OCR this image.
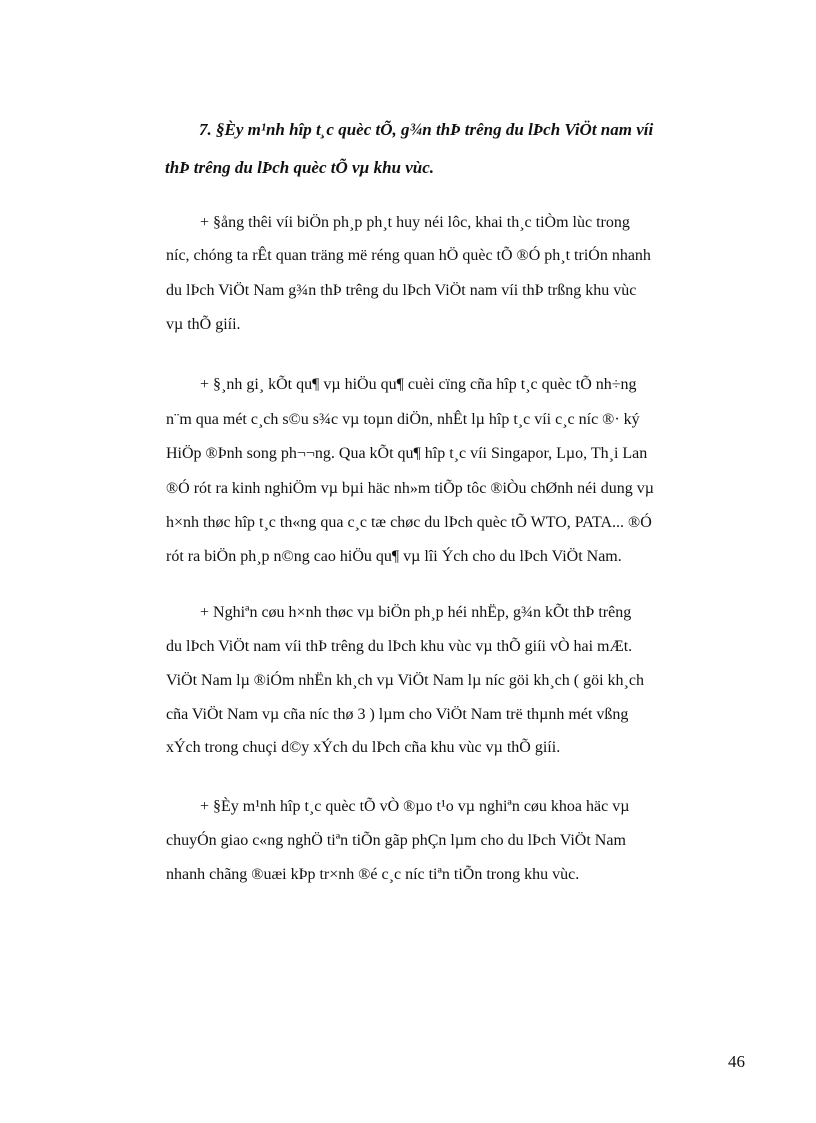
7. §Èy m¹nh hîp t¸c quèc tÕ, g¾n thÞ trêng du lÞch ViÖt nam víi

thÞ trêng du lÞch quèc tÕ vµ khu vùc.

+ §ång thêi víi biÖn ph¸p ph¸t huy néi lôc, khai th¸c tiÒm lùc trong

níc, chóng ta rÊt quan träng më réng quan hÖ quèc tÕ ®Ó ph¸t triÓn nhanh

du lÞch ViÖt Nam g¾n thÞ trêng du lÞch ViÖt nam víi thÞ trßng khu vùc

vµ thÕ giíi.

+ §¸nh gi¸ kÕt qu¶ vµ hiÖu qu¶ cuèi cïng cña hîp t¸c quèc tÕ nh÷ng

n¨m qua mét c¸ch s©u s¾c vµ toµn diÖn, nhÊt lµ hîp t¸c víi c¸c níc ®· ký

HiÖp ®Þnh song ph¬¬ng. Qua kÕt qu¶ hîp t¸c víi Singapor, Lµo, Th¸i Lan

®Ó rót ra kinh nghiÖm vµ bµi häc nh»m tiÕp tôc ®iÒu chØnh néi dung vµ

h×nh thøc hîp t¸c th«ng qua c¸c tæ chøc du lÞch quèc tÕ WTO, PATA... ®Ó

rót ra biÖn ph¸p n©ng cao hiÖu qu¶ vµ lîi Ých cho du lÞch ViÖt Nam.

+ Nghiªn cøu h×nh thøc vµ biÖn ph¸p héi nhËp, g¾n kÕt thÞ trêng

du lÞch ViÖt nam víi thÞ trêng du lÞch khu vùc vµ thÕ giíi vÒ hai mÆt.

ViÖt Nam lµ ®iÓm nhËn kh¸ch vµ ViÖt Nam lµ níc göi kh¸ch ( göi kh¸ch

cña ViÖt Nam vµ cña níc thø 3 ) lµm cho ViÖt Nam trë thµnh mét vßng

xÝch trong chuçi d©y xÝch du lÞch cña khu vùc vµ thÕ giíi.

+ §Èy m¹nh hîp t¸c quèc tÕ vÒ ®µo t¹o vµ nghiªn cøu khoa häc vµ

chuyÓn giao c«ng nghÖ tiªn tiÕn gãp phÇn lµm cho du lÞch ViÖt Nam

nhanh chãng ®uæi kÞp tr×nh ®é c¸c níc tiªn tiÕn trong khu vùc.

46
